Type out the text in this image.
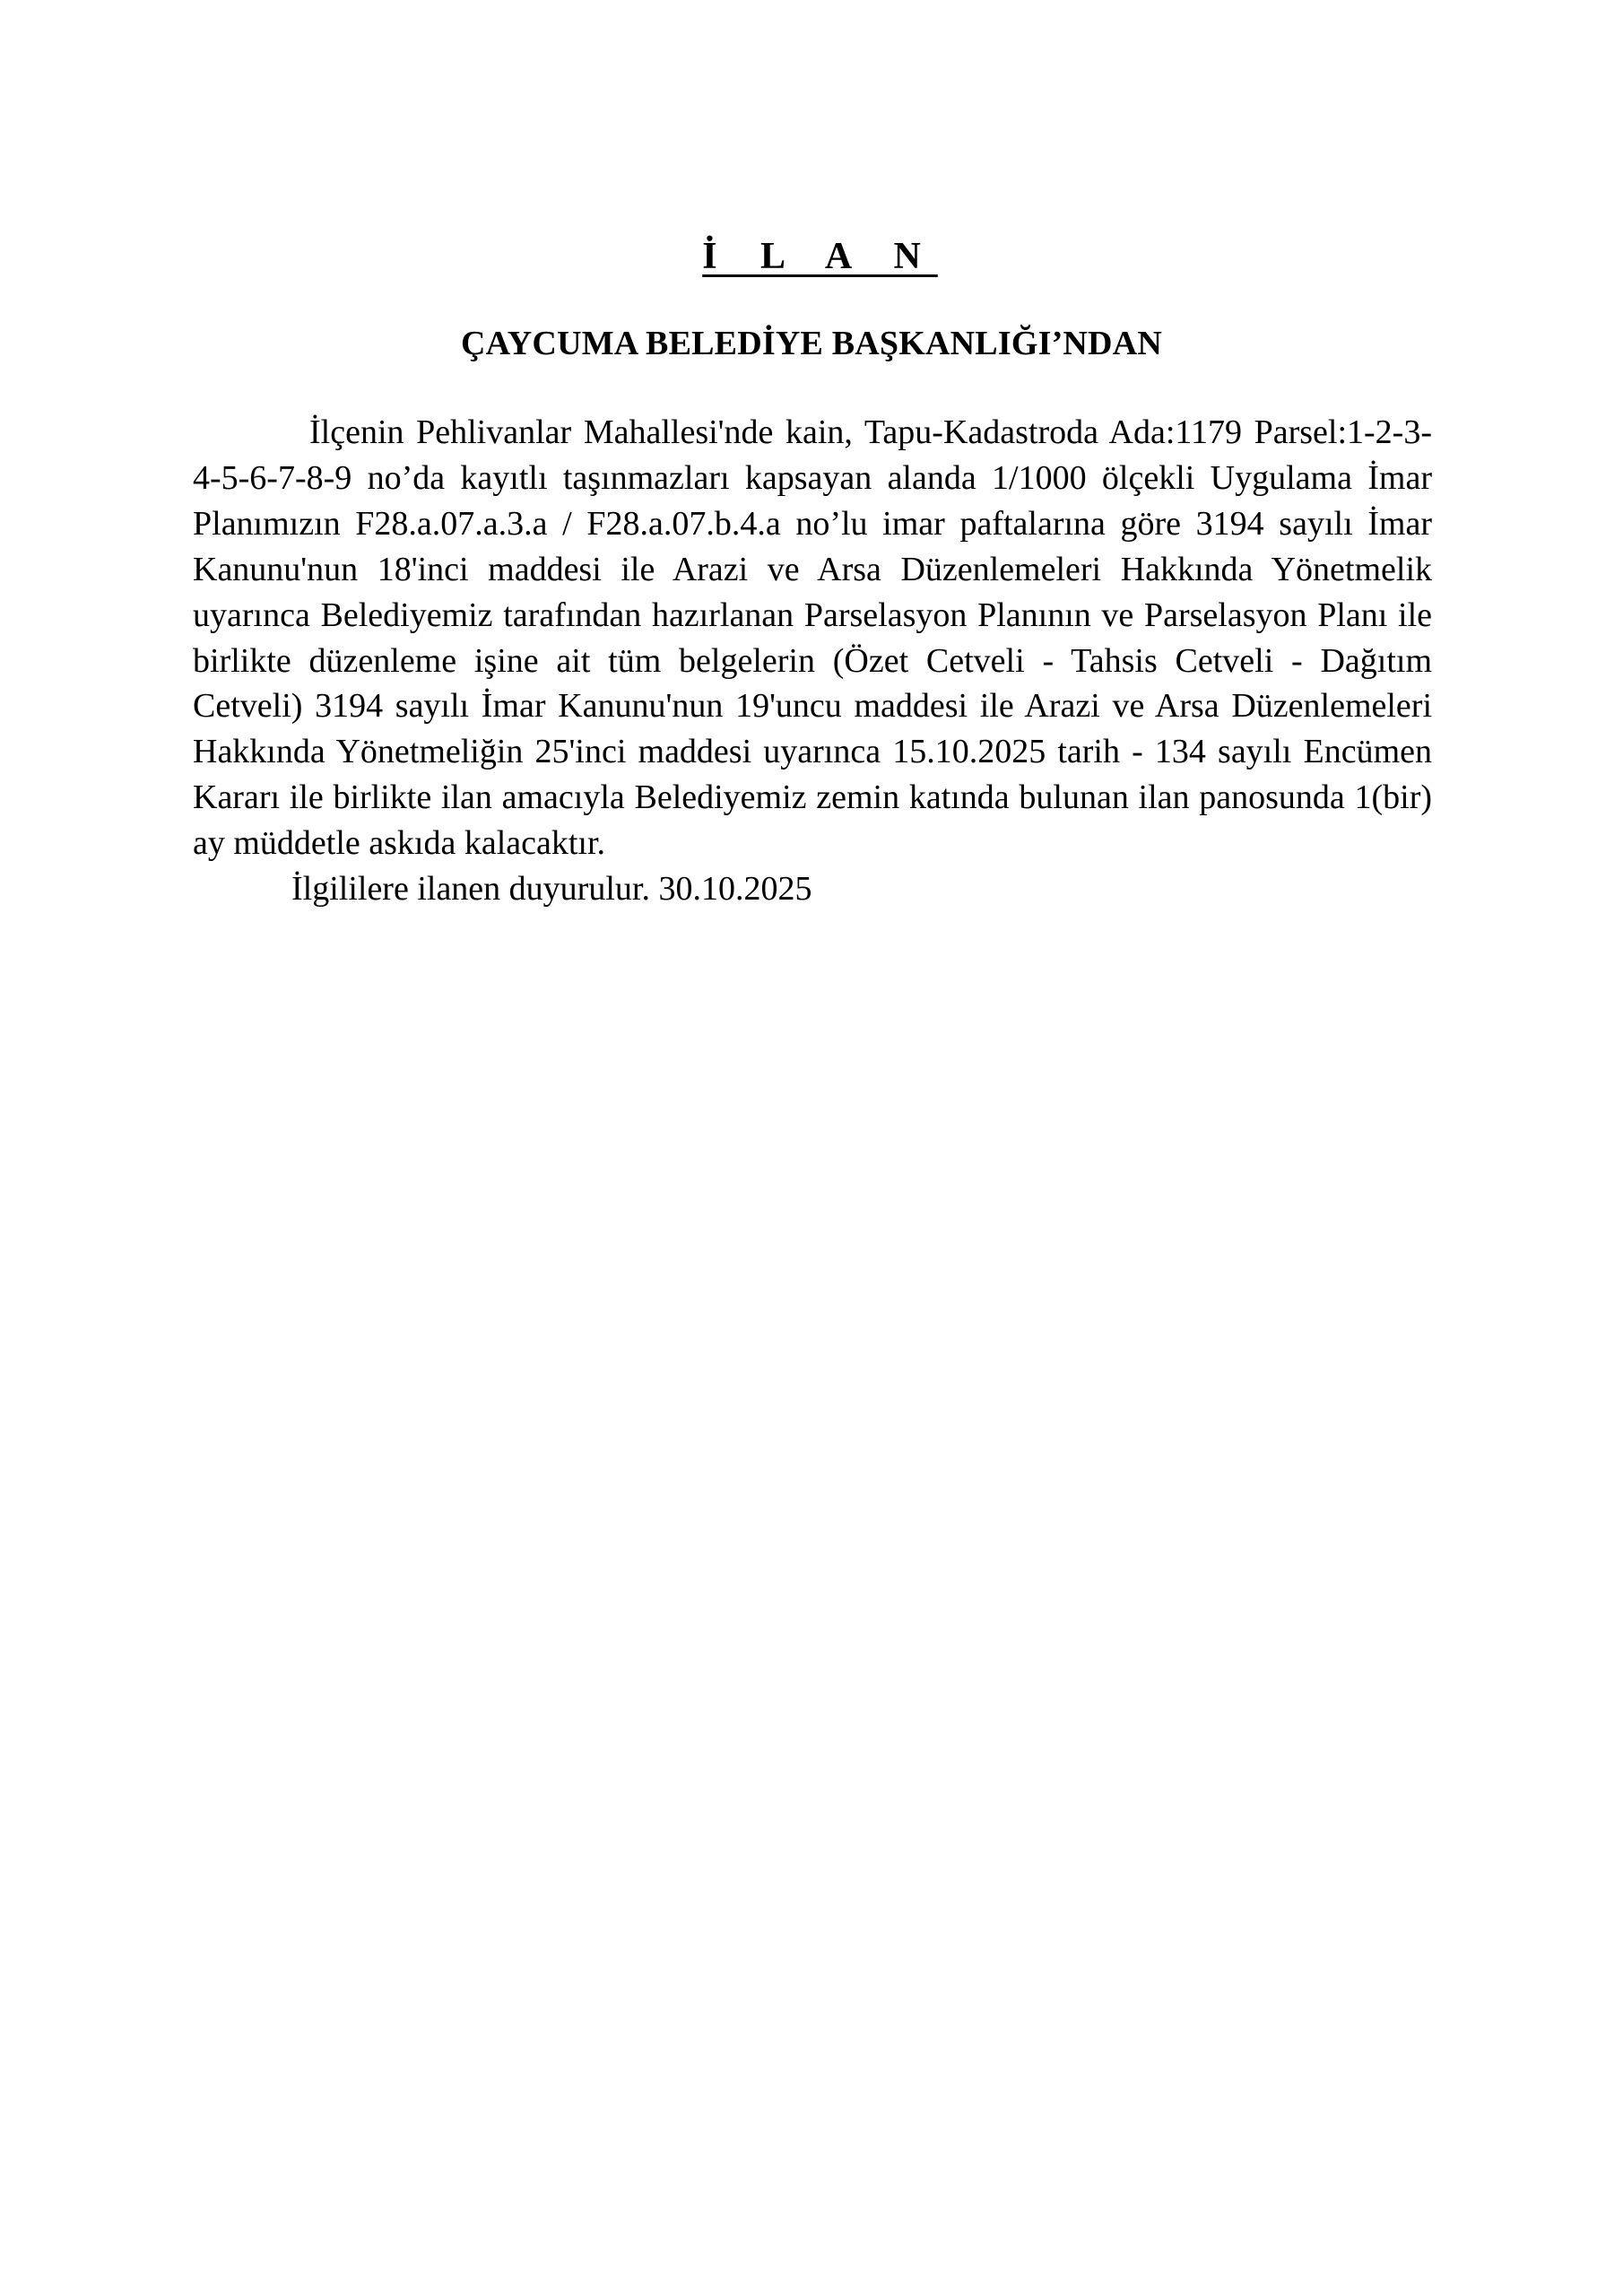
İ L A N
ÇAYCUMA BELEDİYE BAŞKANLIĞI’NDAN

İlçenin Pehlivanlar Mahallesi'nde kain, Tapu-Kadastroda Ada:1179 Parsel:1-2-3-4-5-6-7-8-9 no’da kayıtlı taşınmazları kapsayan alanda 1/1000 ölçekli Uygulama İmar Planımızın F28.a.07.a.3.a / F28.a.07.b.4.a no’lu imar paftalarına göre 3194 sayılı İmar Kanunu'nun 18'inci maddesi ile Arazi ve Arsa Düzenlemeleri Hakkında Yönetmelik uyarınca Belediyemiz tarafından hazırlanan Parselasyon Planının ve Parselasyon Planı ile birlikte düzenleme işine ait tüm belgelerin (Özet Cetveli - Tahsis Cetveli - Dağıtım Cetveli) 3194 sayılı İmar Kanunu'nun 19'uncu maddesi ile Arazi ve Arsa Düzenlemeleri Hakkında Yönetmeliğin 25'inci maddesi uyarınca 15.10.2025 tarih - 134 sayılı Encümen Kararı ile birlikte ilan amacıyla Belediyemiz zemin katında bulunan ilan panosunda 1(bir) ay müddetle askıda kalacaktır.

İlgililere ilanen duyurulur. 30.10.2025
